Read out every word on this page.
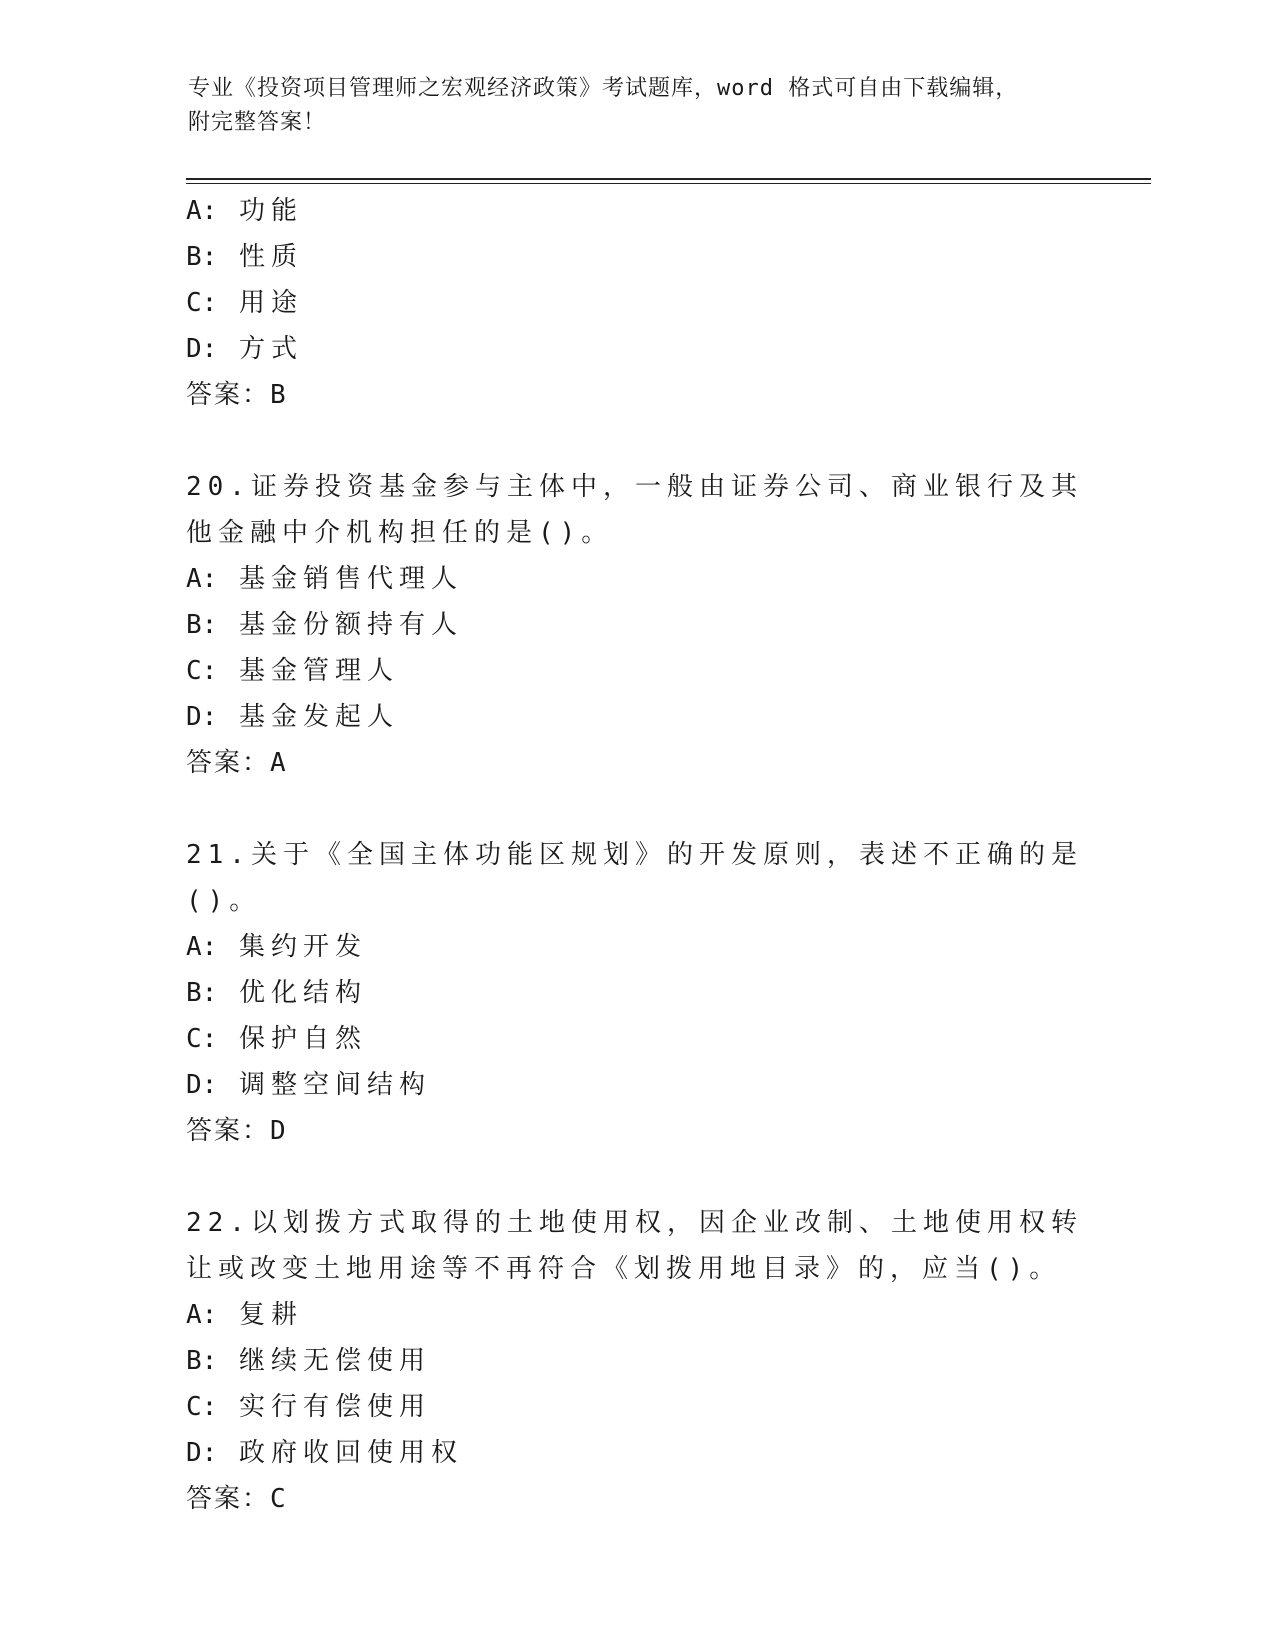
专业《投资项目管理师之宏观经济政策》考试题库，word 格式可自由下载编辑，
附完整答案！
A: 功能
B: 性质
C: 用途
D: 方式
答案：B
20.证券投资基金参与主体中，一般由证券公司、商业银行及其他金融中介机构担任的是()。
A: 基金销售代理人
B: 基金份额持有人
C: 基金管理人
D: 基金发起人
答案：A
21.关于《全国主体功能区规划》的开发原则，表述不正确的是()。
A: 集约开发
B: 优化结构
C: 保护自然
D: 调整空间结构
答案：D
22.以划拨方式取得的土地使用权，因企业改制、土地使用权转让或改变土地用途等不再符合《划拨用地目录》的，应当()。
A: 复耕
B: 继续无偿使用
C: 实行有偿使用
D: 政府收回使用权
答案：C
